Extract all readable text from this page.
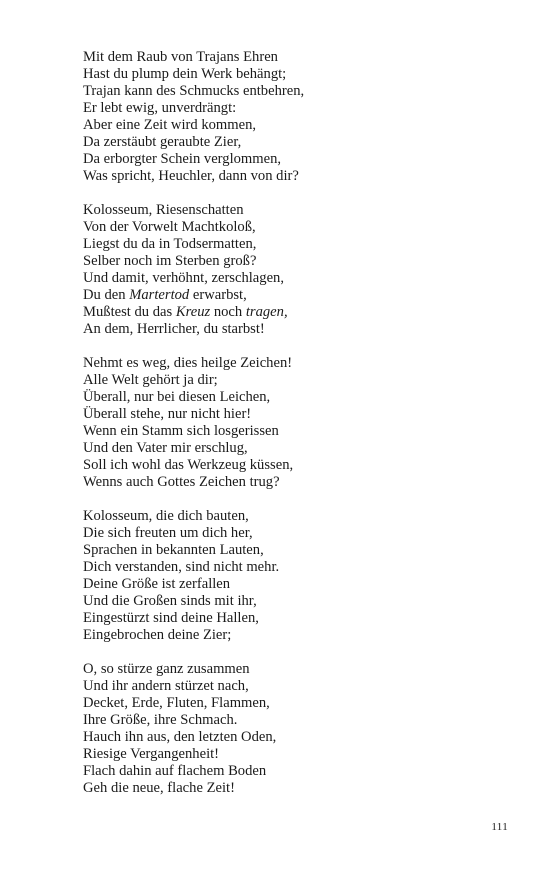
Mit dem Raub von Trajans Ehren
Hast du plump dein Werk behängt;
Trajan kann des Schmucks entbehren,
Er lebt ewig, unverdrängt:
Aber eine Zeit wird kommen,
Da zerstäubt geraubte Zier,
Da erborgter Schein verglommen,
Was spricht, Heuchler, dann von dir?
Kolosseum, Riesenschatten
Von der Vorwelt Machtkoloß,
Liegst du da in Todsermatten,
Selber noch im Sterben groß?
Und damit, verhöhnt, zerschlagen,
Du den Martertod erwarbst,
Mußtest du das Kreuz noch tragen,
An dem, Herrlicher, du starbst!
Nehmt es weg, dies heilge Zeichen!
Alle Welt gehört ja dir;
Überall, nur bei diesen Leichen,
Überall stehe, nur nicht hier!
Wenn ein Stamm sich losgerissen
Und den Vater mir erschlug,
Soll ich wohl das Werkzeug küssen,
Wenns auch Gottes Zeichen trug?
Kolosseum, die dich bauten,
Die sich freuten um dich her,
Sprachen in bekannten Lauten,
Dich verstanden, sind nicht mehr.
Deine Größe ist zerfallen
Und die Großen sinds mit ihr,
Eingestürzt sind deine Hallen,
Eingebrochen deine Zier;
O, so stürze ganz zusammen
Und ihr andern stürzet nach,
Decket, Erde, Fluten, Flammen,
Ihre Größe, ihre Schmach.
Hauch ihn aus, den letzten Oden,
Riesige Vergangenheit!
Flach dahin auf flachem Boden
Geh die neue, flache Zeit!
111
